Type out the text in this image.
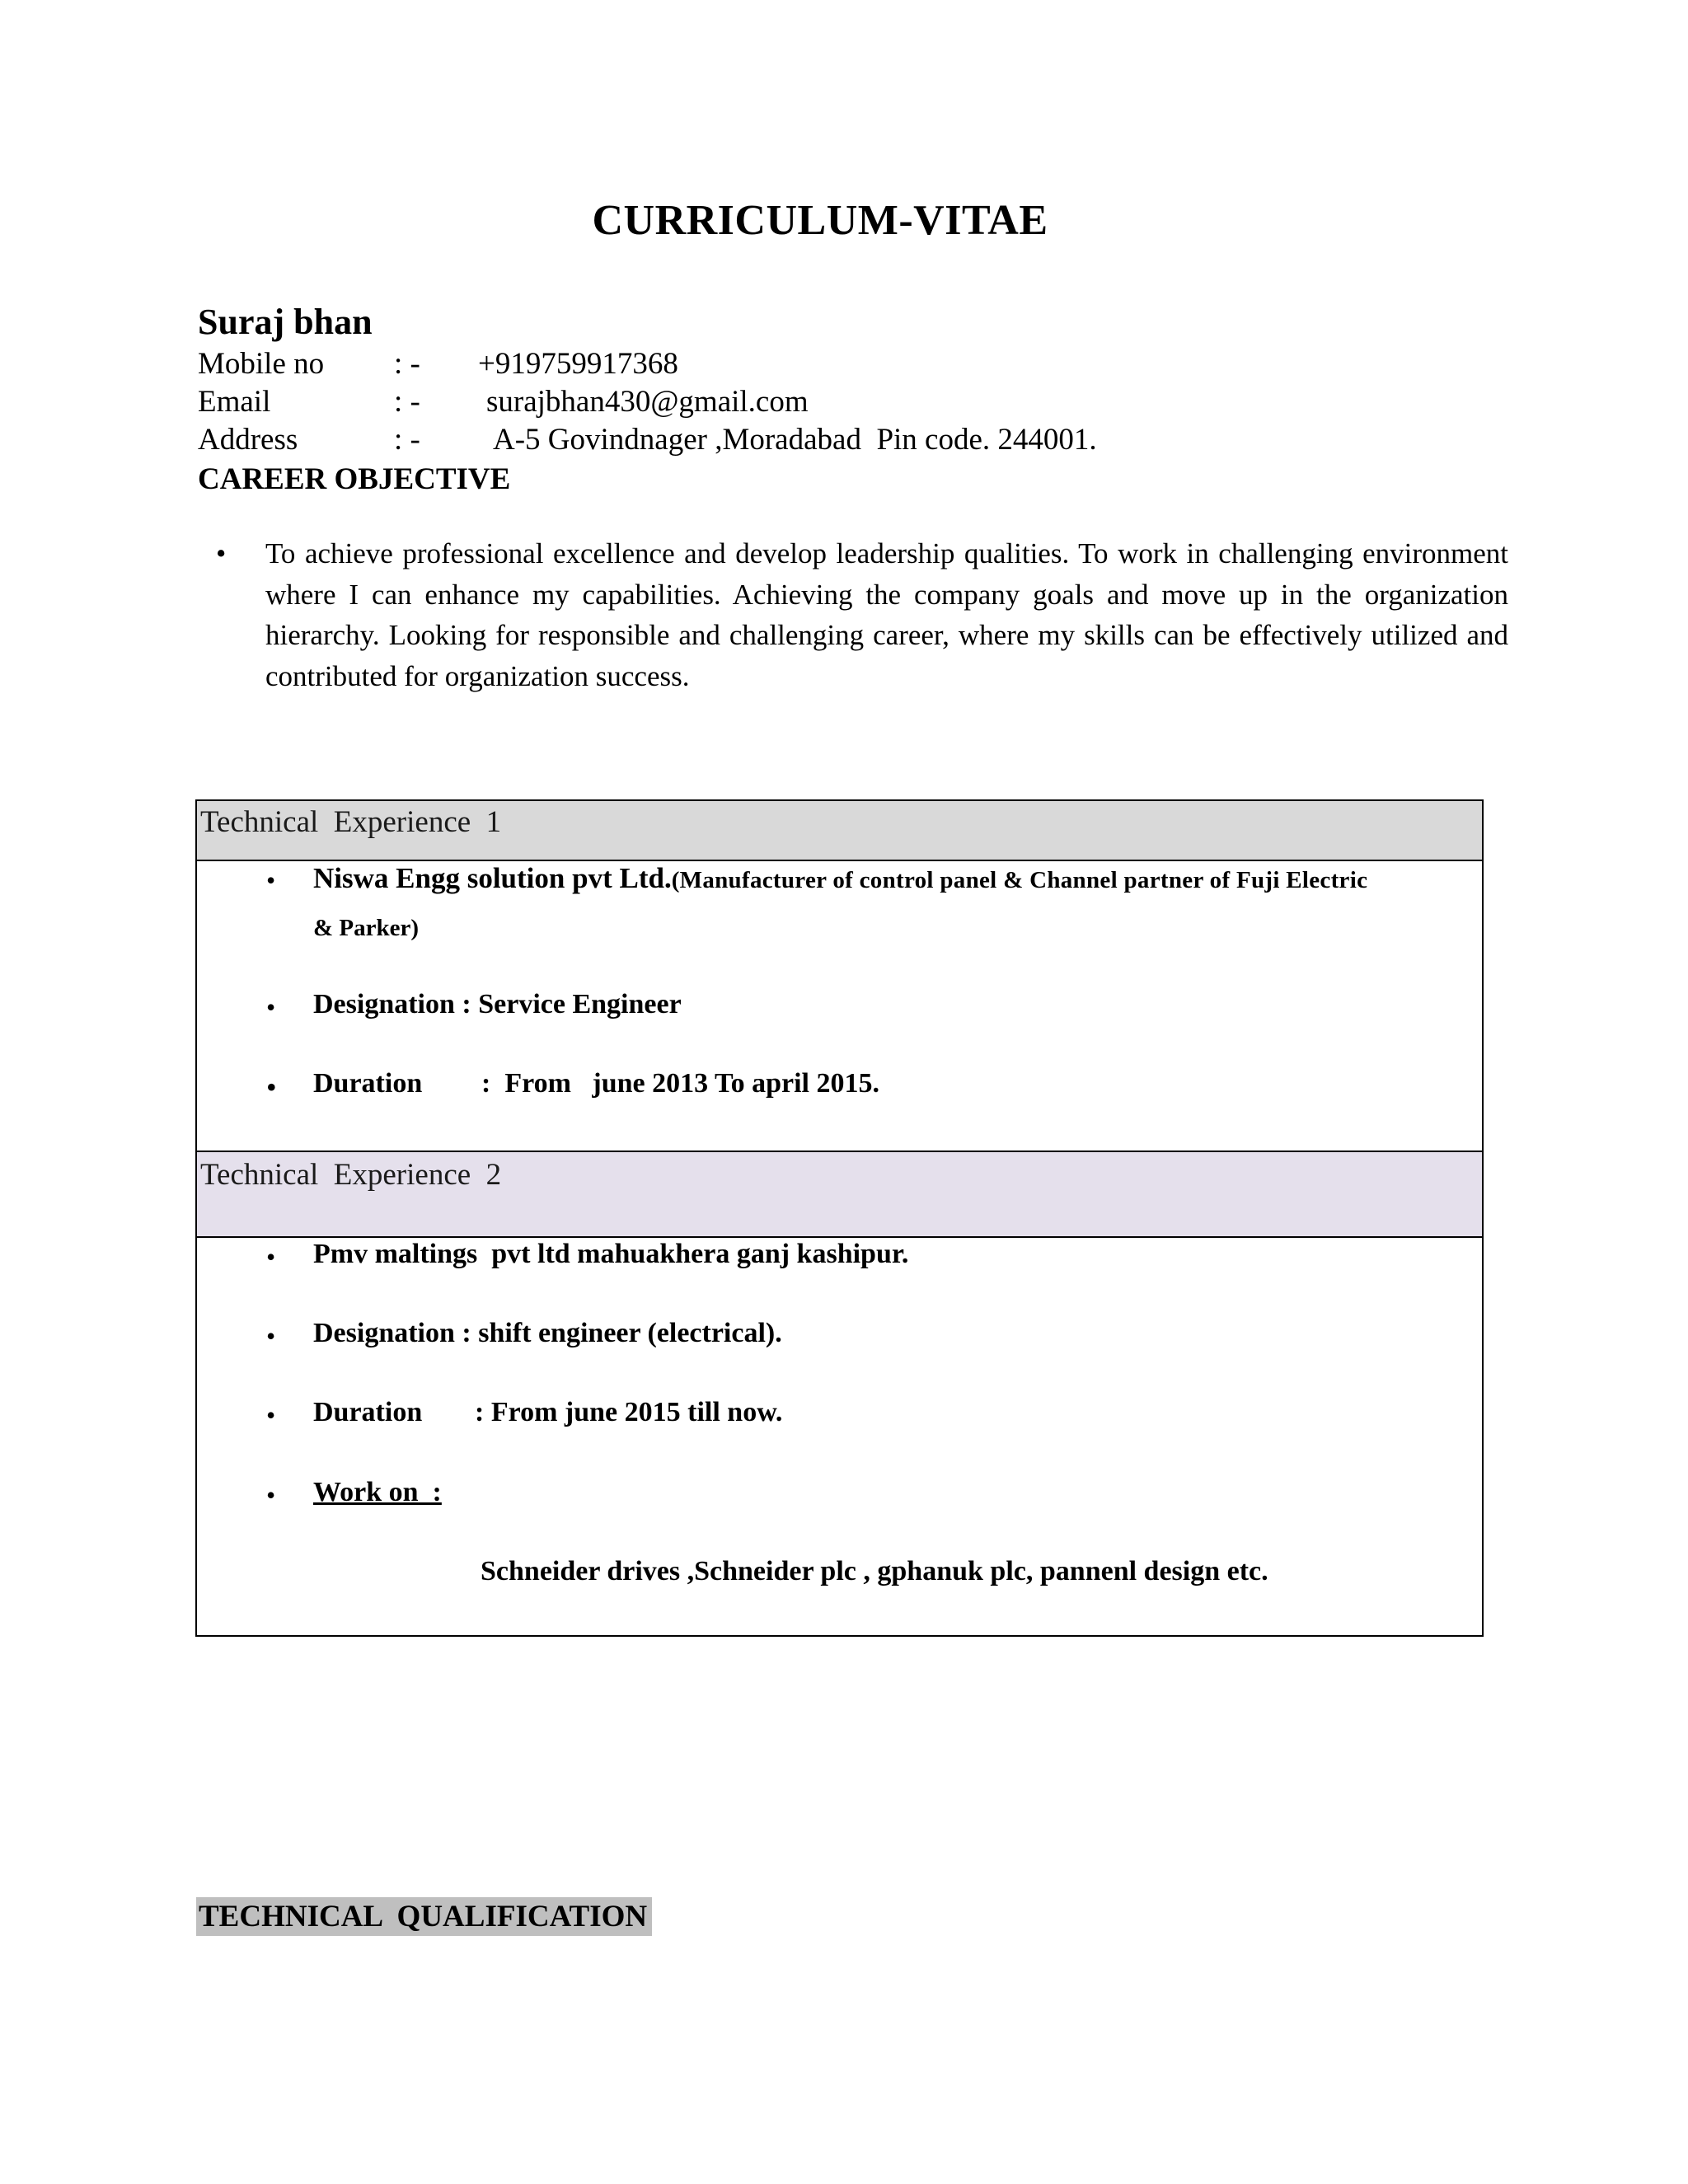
CURRICULUM-VITAE
Suraj bhan
Mobile no : - +919759917368
Email	: - surajbhan430@gmail.com
Address	: - A-5 Govindnager ,Moradabad  Pin code. 244001.
CAREER OBJECTIVE
• To achieve professional excellence and develop leadership qualities. To work in challenging environment where I can enhance my capabilities. Achieving the company goals and move up in the organization hierarchy. Looking for responsible and challenging career, where my skills can be effectively utilized and contributed for organization success.
Technical  Experience  1
• Niswa Engg solution pvt Ltd.(Manufacturer of control panel & Channel partner of Fuji Electric
& Parker)
• Designation : Service Engineer
• Duration :  From   june 2013 To april 2015.
Technical  Experience  2
• Pmv maltings  pvt ltd mahuakhera ganj kashipur.
• Designation : shift engineer (electrical).
• Duration : From june 2015 till now.
• Work on  :
Schneider drives ,Schneider plc , gphanuk plc, pannenl design etc.
TECHNICAL  QUALIFICATION
